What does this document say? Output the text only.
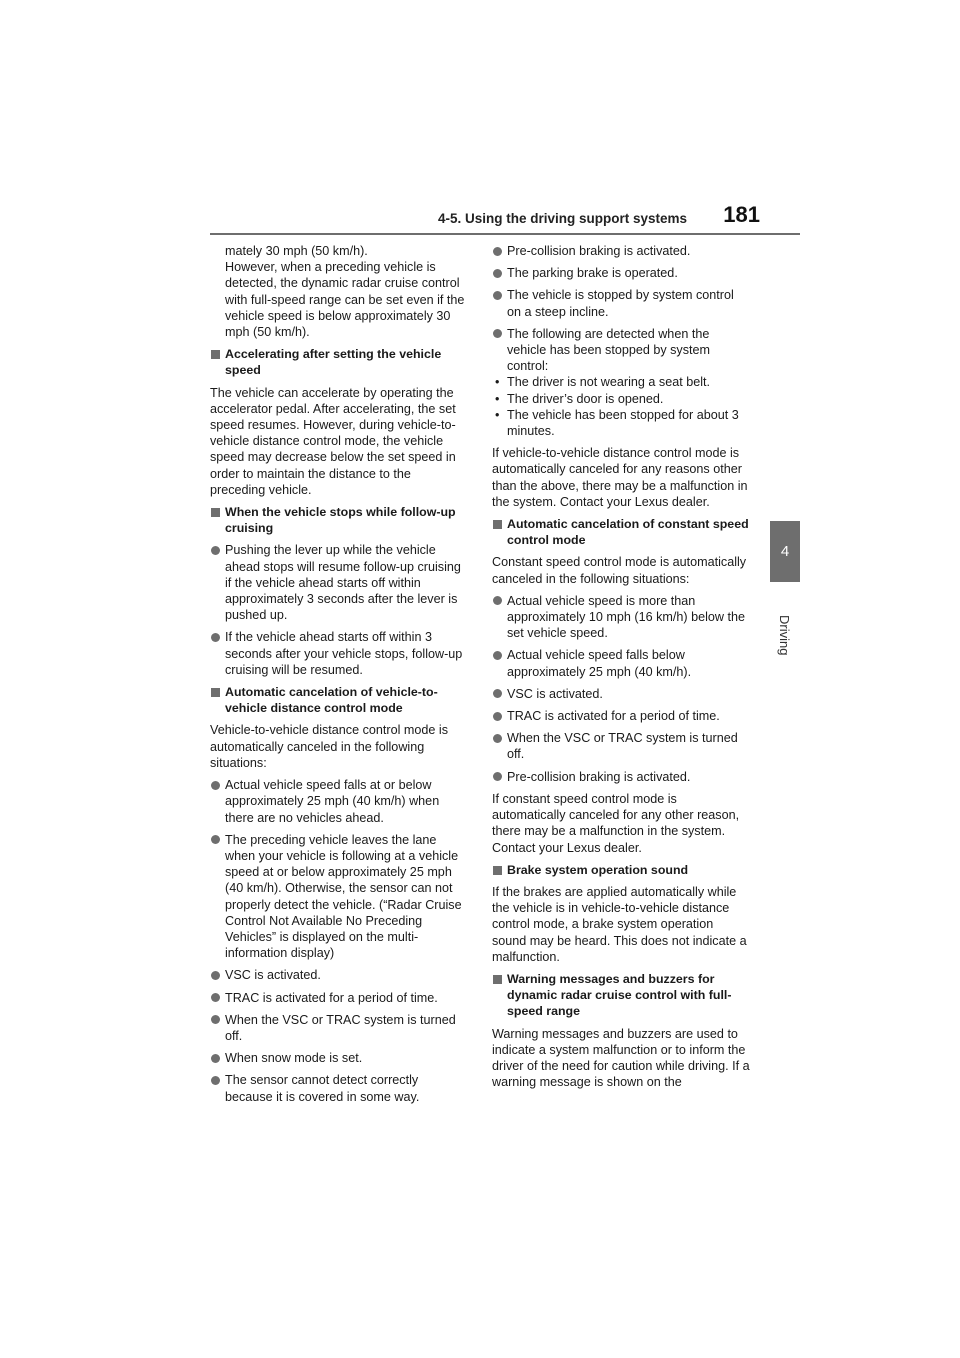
4-5. Using the driving support systems 181
4
Driving

mately 30 mph (50 km/h).
However, when a preceding vehicle is detected, the dynamic radar cruise control with full-speed range can be set even if the vehicle speed is below approximately 30 mph (50 km/h).

Accelerating after setting the vehicle speed

The vehicle can accelerate by operating the accelerator pedal. After accelerating, the set speed resumes. However, during vehicle-to-vehicle distance control mode, the vehicle speed may decrease below the set speed in order to maintain the distance to the preceding vehicle.

When the vehicle stops while follow-up cruising
Pushing the lever up while the vehicle ahead stops will resume follow-up cruising if the vehicle ahead starts off within approximately 3 seconds after the lever is pushed up.
If the vehicle ahead starts off within 3 seconds after your vehicle stops, follow-up cruising will be resumed.
Automatic cancelation of vehicle-to-vehicle distance control mode

Vehicle-to-vehicle distance control mode is automatically canceled in the following situations:

Actual vehicle speed falls at or below approximately 25 mph (40 km/h) when there are no vehicles ahead.
The preceding vehicle leaves the lane when your vehicle is following at a vehicle speed at or below approximately 25 mph (40 km/h). Otherwise, the sensor can not properly detect the vehicle. (“Radar Cruise Control Not Available No Preceding Vehicles” is displayed on the multi-information display)
VSC is activated.
TRAC is activated for a period of time.
When the VSC or TRAC system is turned off.
When snow mode is set.
The sensor cannot detect correctly because it is covered in some way.
Pre-collision braking is activated.
The parking brake is operated.
The vehicle is stopped by system control on a steep incline.
The following are detected when the vehicle has been stopped by system control:
• The driver is not wearing a seat belt.
• The driver’s door is opened.
• The vehicle has been stopped for about 3 minutes.

If vehicle-to-vehicle distance control mode is automatically canceled for any reasons other than the above, there may be a malfunction in the system. Contact your Lexus dealer.

Automatic cancelation of constant speed control mode

Constant speed control mode is automatically canceled in the following situations:

Actual vehicle speed is more than approximately 10 mph (16 km/h) below the set vehicle speed.
Actual vehicle speed falls below approximately 25 mph (40 km/h).
VSC is activated.
TRAC is activated for a period of time.
When the VSC or TRAC system is turned off.
Pre-collision braking is activated.

If constant speed control mode is automatically canceled for any other reason, there may be a malfunction in the system. Contact your Lexus dealer.

Brake system operation sound

If the brakes are applied automatically while the vehicle is in vehicle-to-vehicle distance control mode, a brake system operation sound may be heard. This does not indicate a malfunction.

Warning messages and buzzers for dynamic radar cruise control with full-speed range

Warning messages and buzzers are used to indicate a system malfunction or to inform the driver of the need for caution while driving. If a warning message is shown on the
